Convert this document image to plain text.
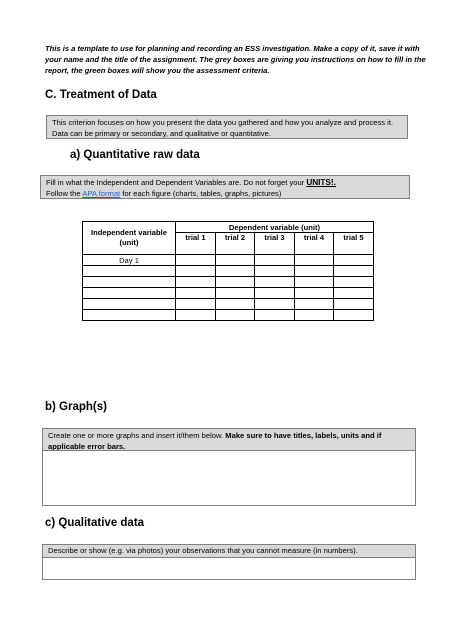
This is a template to use for planning and recording an ESS investigation. Make a copy of it, save it with your name and the title of the assignment. The grey boxes are giving you instructions on how to fill in the report, the green boxes will show you the assessment criteria.
C. Treatment of Data
This criterion focuses on how you present the data you gathered and how you analyze and process it. Data can be primary or secondary, and qualitative or quantitative.
a) Quantitative raw data
Fill in what the Independent and Dependent Variables are. Do not forget your UNITS!.
Follow the APA format for each figure (charts, tables, graphs, pictures)
Independent variable (unit)	Dependent variable (unit)				
	trial 1	trial 2	trial 3	trial 4	trial 5
Day 1					

b) Graph(s)
Create one or more graphs and insert it/them below. Make sure to have titles, labels, units and if applicable error bars.
c) Qualitative data
Describe or show (e.g. via photos) your observations that you cannot measure (in numbers).
